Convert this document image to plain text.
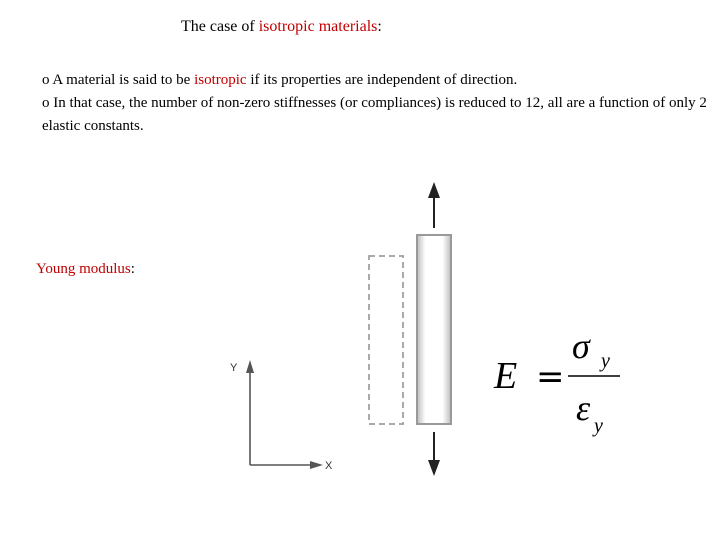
The case of isotropic materials:

o A material is said to be isotropic if its properties are independent of direction.

o In that case, the number of non-zero stiffnesses (or compliances) is reduced to 12, all are a function of only 2 elastic constants.

Young modulus:
Y
X
E =
σ y
ε y
